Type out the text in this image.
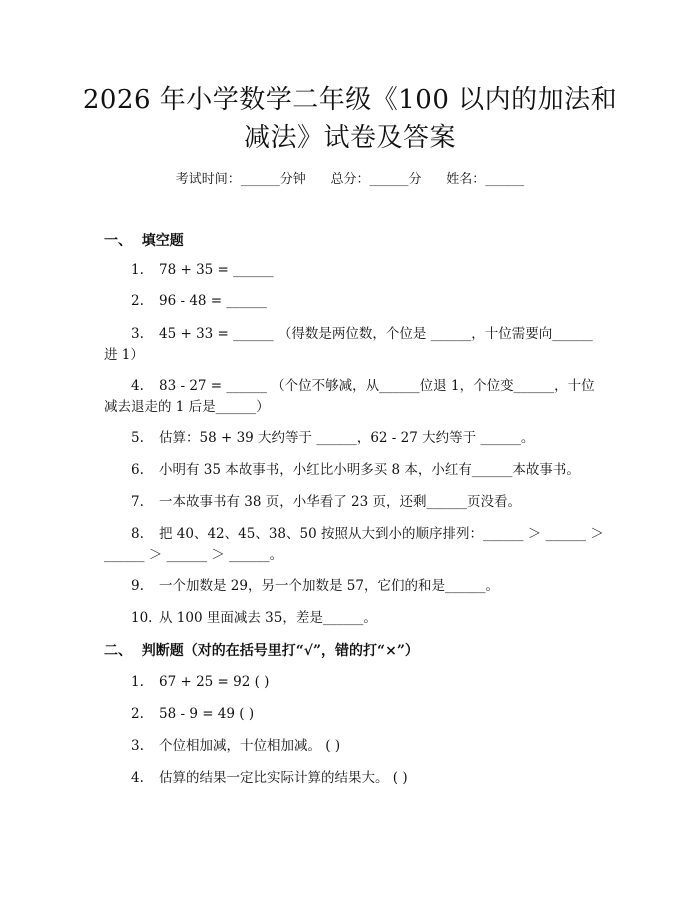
2026 年小学数学二年级《100 以内的加法和
减法》试卷及答案
考试时间：______分钟      总分：______分      姓名：______
一、  填空题
1. 78 + 35 = ______
2. 96 - 48 = ______
3. 45 + 33 = ______ （得数是两位数，个位是 ______，十位需要向______
进 1）
4. 83 - 27 = ______ （个位不够减，从______位退 1，个位变______，十位
减去退走的 1 后是______）
5. 估算：58 + 39 大约等于 ______，62 - 27 大约等于 ______。
6. 小明有 35 本故事书，小红比小明多买 8 本，小红有______本故事书。
7. 一本故事书有 38 页，小华看了 23 页，还剩______页没看。
8. 把 40、42、45、38、50 按照从大到小的顺序排列：______ ＞ ______ ＞
______ ＞ ______ ＞ ______。
9. 一个加数是 29，另一个加数是 57，它们的和是______。
10. 从 100 里面减去 35，差是______。
二、  判断题（对的在括号里打“√”，错的打“×”）
1. 67 + 25 = 92 ( )
2. 58 - 9 = 49 ( )
3. 个位相加减，十位相加减。 ( )
4. 估算的结果一定比实际计算的结果大。 ( )
